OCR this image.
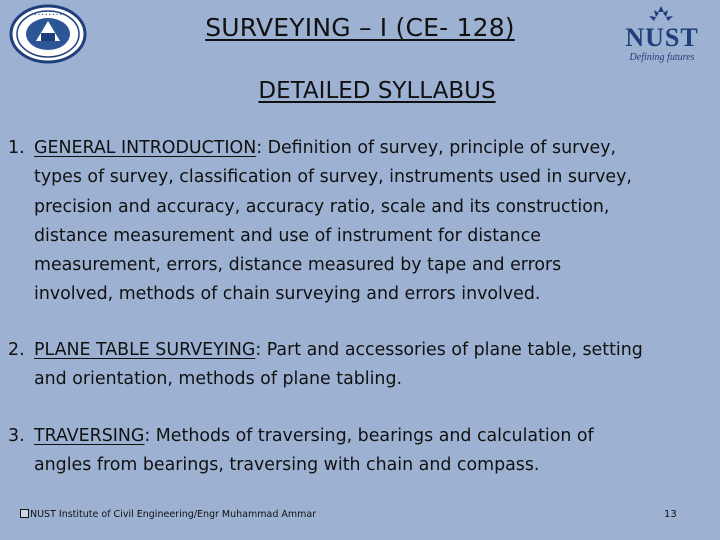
• • • • • • • •	SURVEYING – I (CE- 128)	NUST
Defining futures
DETAILED SYLLABUS
1. GENERAL INTRODUCTION: Definition of survey, principle of survey,
types of survey, classification of survey, instruments used in survey,
precision and accuracy, accuracy ratio, scale and its construction,
distance measurement and use of instrument for distance
measurement, errors, distance measured by tape and errors
involved, methods of chain surveying and errors involved.
2. PLANE TABLE SURVEYING: Part and accessories of plane table, setting
and orientation, methods of plane tabling.
3. TRAVERSING: Methods of traversing, bearings and calculation of
angles from bearings, traversing with chain and compass.
NUST Institute of Civil Engineering/Engr Muhammad Ammar	13
